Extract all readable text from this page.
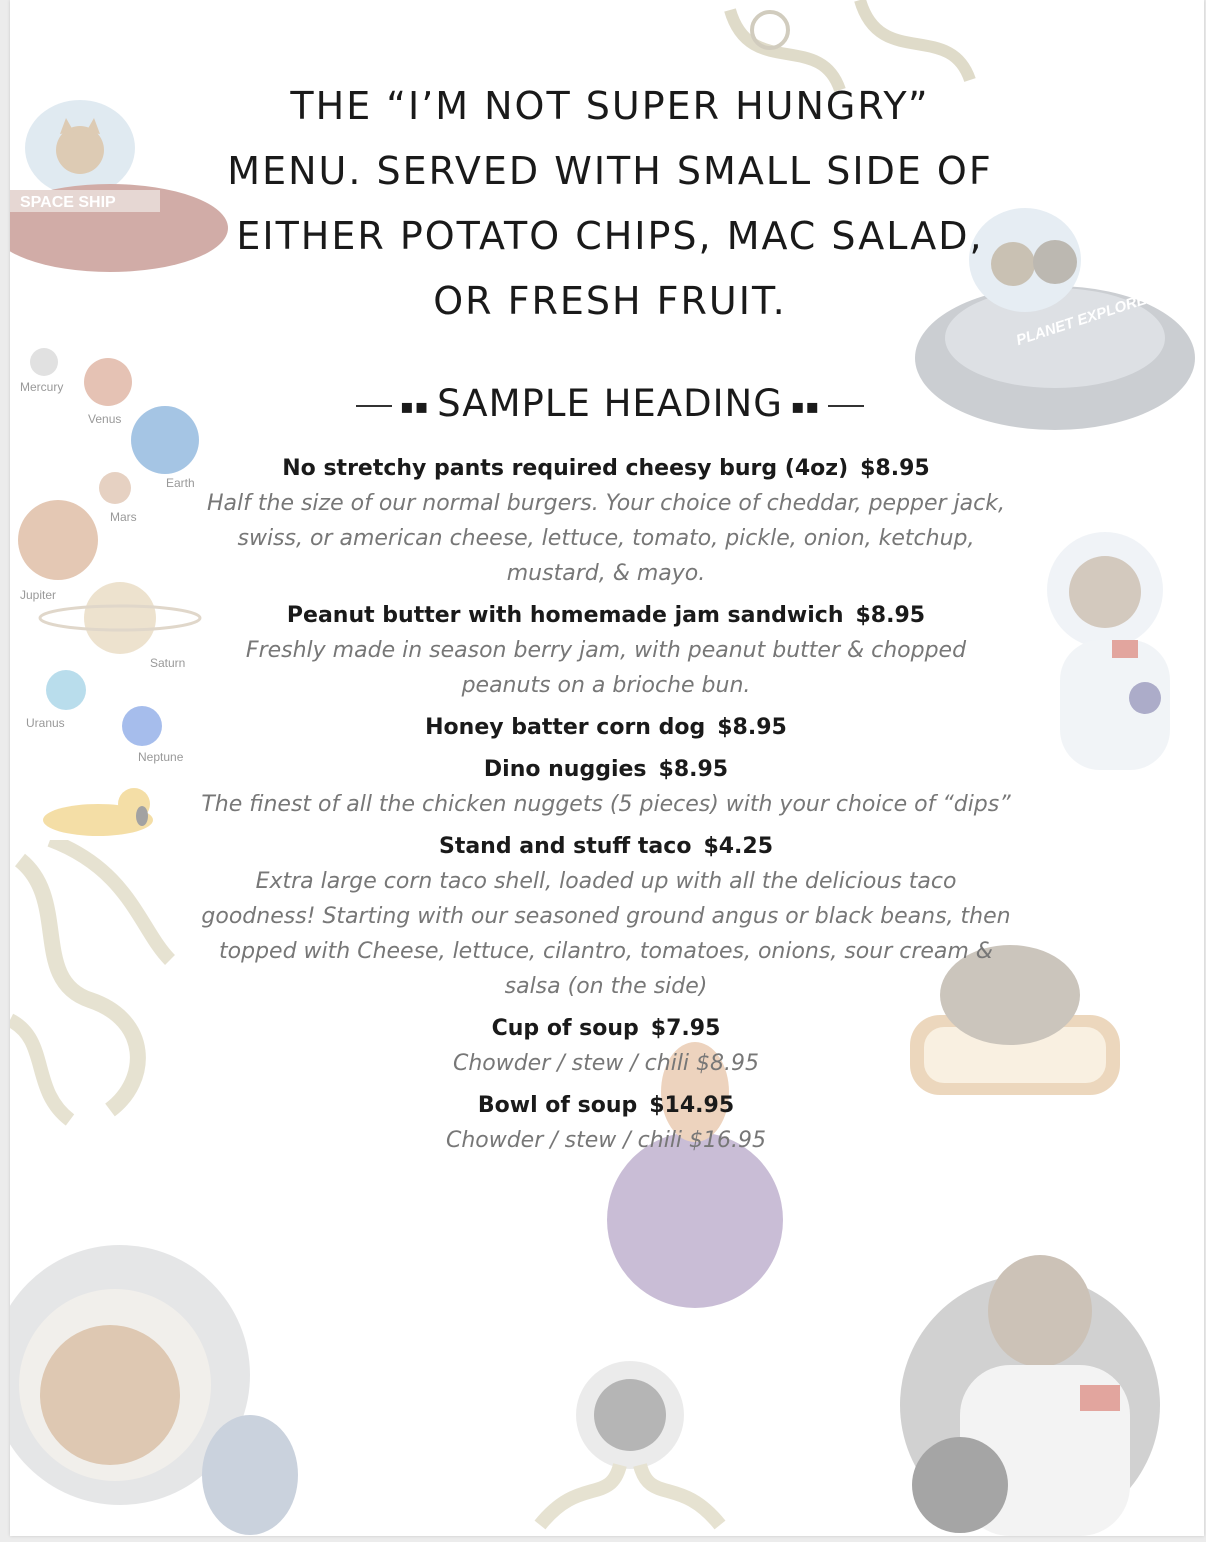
SPACE SHIP
Mercury
Venus
Earth
Mars
Jupiter
Saturn
Uranus
Neptune
PLANET EXPLORER
THE “I’M NOT SUPER HUNGRY”
MENU. SERVED WITH SMALL SIDE OF
EITHER POTATO CHIPS, MAC SALAD,
OR FRESH FRUIT.
▪▪ SAMPLE HEADING ▪▪
No stretchy pants required cheesy burg (4oz) $8.95
Half the size of our normal burgers. Your choice of cheddar, pepper jack, swiss, or american cheese, lettuce, tomato, pickle, onion, ketchup, mustard, & mayo.
Peanut butter with homemade jam sandwich $8.95
Freshly made in season berry jam, with peanut butter & chopped peanuts on a brioche bun.
Honey batter corn dog $8.95
Dino nuggies $8.95
The finest of all the chicken nuggets (5 pieces) with your choice of “dips”
Stand and stuff taco $4.25
Extra large corn taco shell, loaded up with all the delicious taco goodness! Starting with our seasoned ground angus or black beans, then topped with Cheese, lettuce, cilantro, tomatoes, onions, sour cream & salsa (on the side)
Cup of soup $7.95
Chowder / stew / chili $8.95
Bowl of soup $14.95
Chowder / stew / chili $16.95
